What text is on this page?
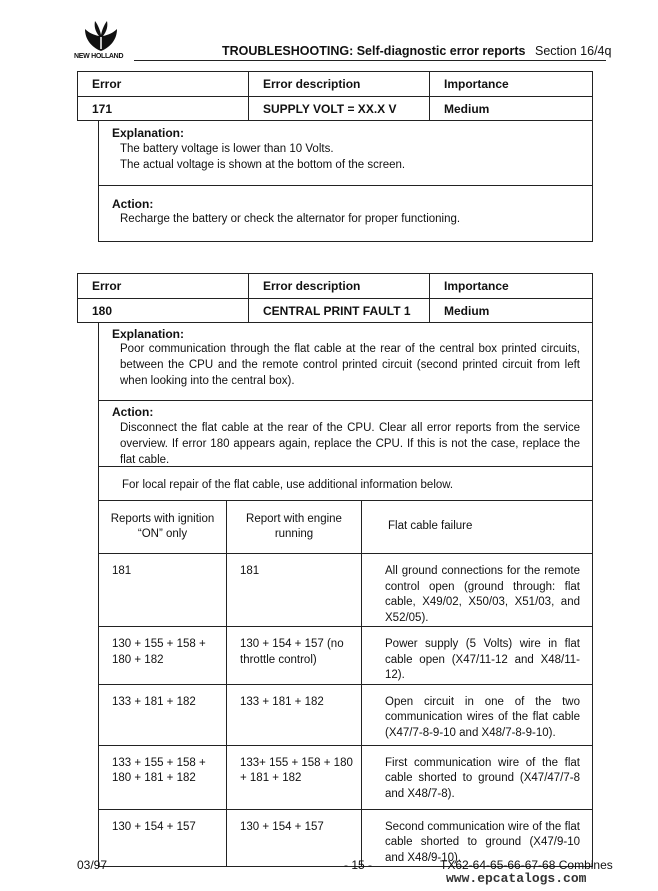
NEW HOLLAND	TROUBLESHOOTING: Self-diagnostic error reports Section 16/4q
Error	Error description	Importance
171	SUPPLY VOLT = XX.X V	Medium
Explanation:
The battery voltage is lower than 10 Volts.
The actual voltage is shown at the bottom of the screen.
Action:
Recharge the battery or check the alternator for proper functioning.
Error	Error description	Importance
180	CENTRAL PRINT FAULT 1	Medium
Explanation:
Poor communication through the flat cable at the rear of the central box printed circuits, between the CPU and the remote control printed circuit (second printed circuit from left when looking into the central box).
Action:
Disconnect the flat cable at the rear of the CPU. Clear all error reports from the service overview. If error 180 appears again, replace the CPU. If this is not the case, replace the flat cable.
For local repair of the flat cable, use additional information below.
Reports with ignition “ON” only	Report with engine running	Flat cable failure
181	181	All ground connections for the remote control open (ground through: flat cable, X49/02, X50/03, X51/03, and X52/05).
130 + 155 + 158 + 180 + 182	130 + 154 + 157 (no throttle control)	Power supply (5 Volts) wire in flat cable open (X47/11-12 and X48/11-12).
133 + 181 + 182	133 + 181 + 182	Open circuit in one of the two communication wires of the flat cable (X47/7-8-9-10 and X48/7-8-9-10).
133 + 155 + 158 + 180 + 181 + 182	133+ 155 + 158 + 180 + 181 + 182	First communication wire of the flat cable shorted to ground (X47/47/7-8 and X48/7-8).
130 + 154 + 157	130 + 154 + 157	Second communication wire of the flat cable shorted to ground (X47/9-10 and X48/9-10).
03/97	- 15 -	TX62-64-65-66-67-68 Combines
www.epcatalogs.com
